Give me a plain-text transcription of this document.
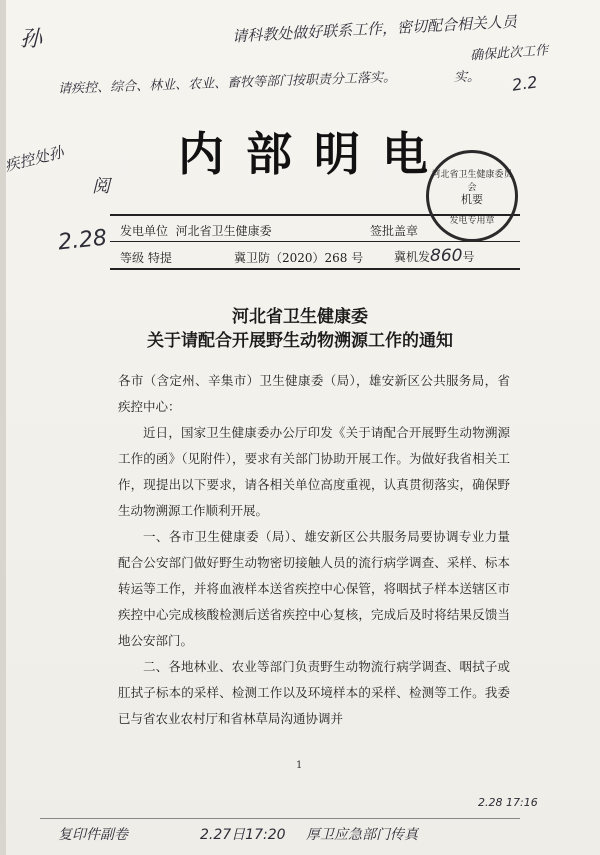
孙	请科教处做好联系工作，密切配合相关人员
确保此次工作
实。 2.2
请疾控、综合、林业、农业、畜牧等部门按职责分工落实。
疾控处孙
阅
2.28
内部明电
发电单位 河北省卫生健康委	签批盖章
等级 特提	冀卫防（2020）268 号	冀机发860号
河北省卫生健康委员会
机要
发电专用章
河北省卫生健康委
关于请配合开展野生动物溯源工作的通知

各市（含定州、辛集市）卫生健康委（局），雄安新区公共服务局，省疾控中心：

近日，国家卫生健康委办公厅印发《关于请配合开展野生动物溯源工作的函》（见附件），要求有关部门协助开展工作。为做好我省相关工作，现提出以下要求，请各相关单位高度重视，认真贯彻落实，确保野生动物溯源工作顺利开展。

一、各市卫生健康委（局）、雄安新区公共服务局要协调专业力量配合公安部门做好野生动物密切接触人员的流行病学调查、采样、标本转运等工作，并将血液样本送省疾控中心保管，将咽拭子样本送辖区市疾控中心完成核酸检测后送省疾控中心复核，完成后及时将结果反馈当地公安部门。

二、各地林业、农业等部门负责野生动物流行病学调查、咽拭子或肛拭子标本的采样、检测工作以及环境样本的采样、检测等工作。我委已与省农业农村厅和省林草局沟通协调并

1
2.28 17:16
复印件副卷	2.27日17:20 厚卫应急部门传真
